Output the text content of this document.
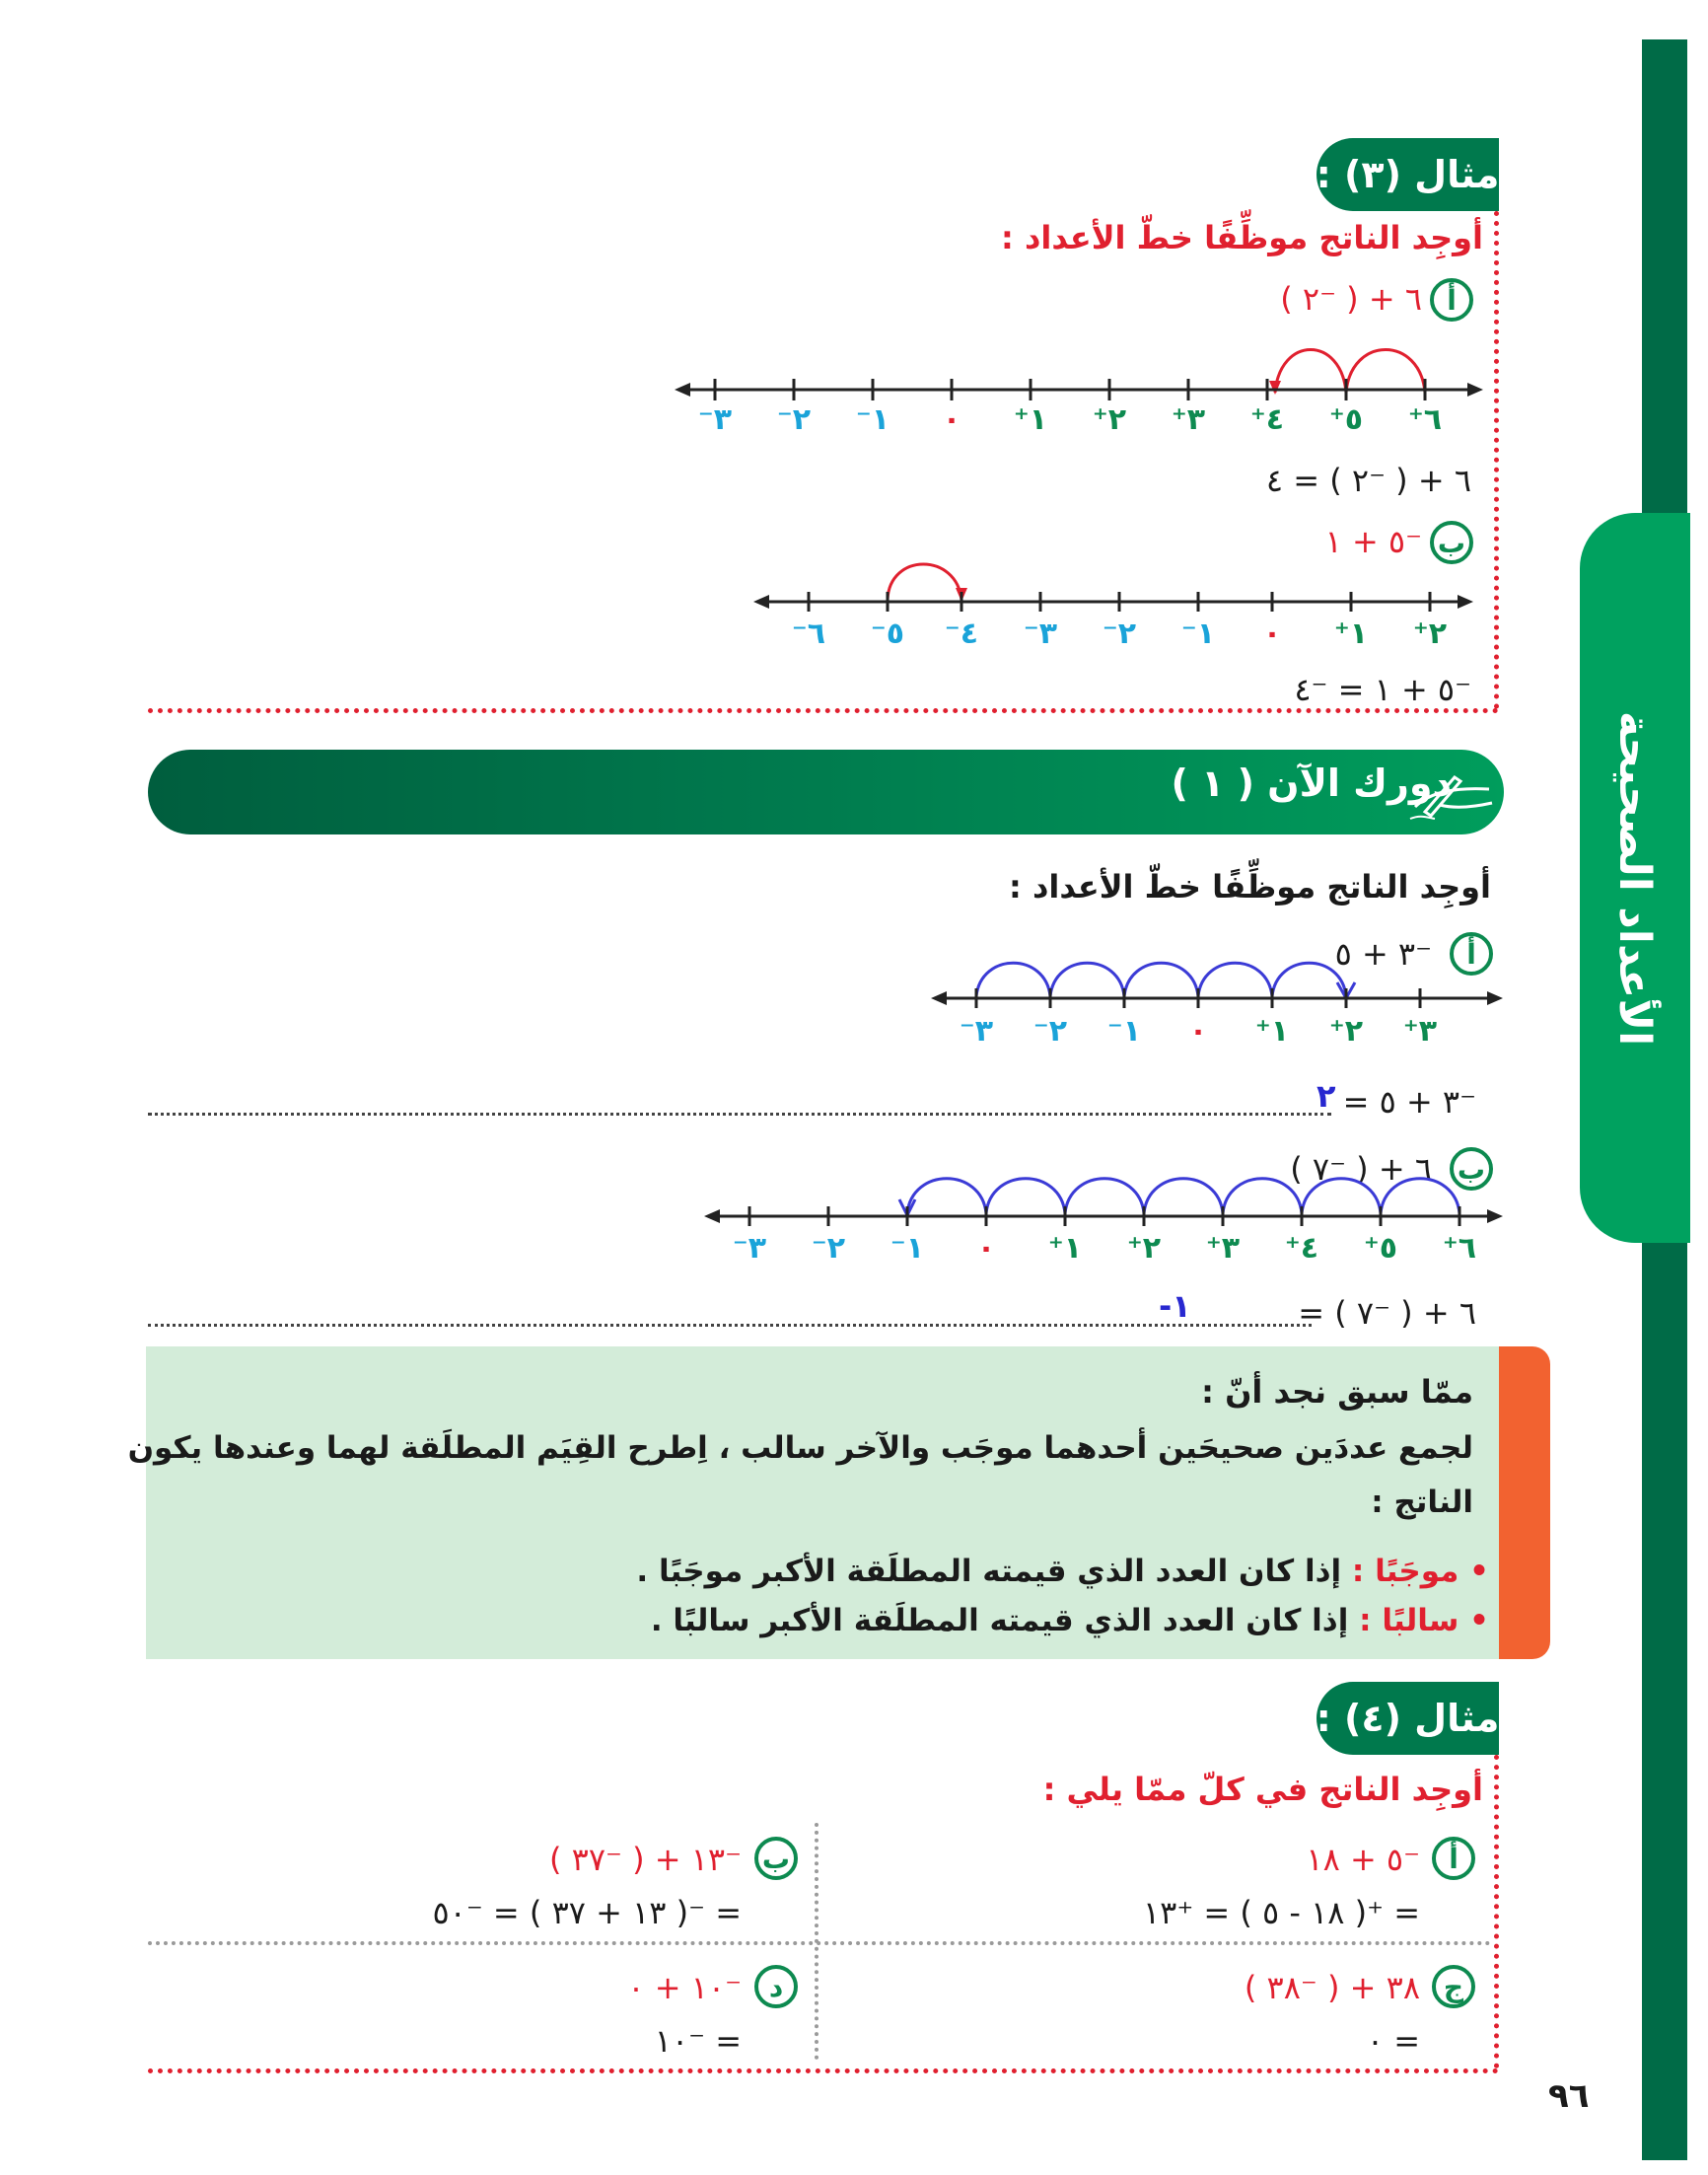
الأعداد الصحيحة
مثال (٣) :
أوجِد الناتج موظِّفًا خطّ الأعداد :
أ
٦ + ( ⁻٢ )
⁻٣	⁻٢	⁻١	٠	⁺١	⁺٢	⁺٣	⁺٤	⁺٥	⁺٦
٦ + ( ⁻٢ ) = ٤
ب
⁻٥ + ١
⁻٦	⁻٥	⁻٤	⁻٣	⁻٢	⁻١	٠	⁺١	⁺٢
⁻٥ + ١ = ⁻٤
دورك الآن ( ١ )
أوجِد الناتج موظِّفًا خطّ الأعداد :
أ
⁻٣ + ٥
⁻٣	⁻٢	⁻١	٠	⁺١	⁺٢	⁺٣
٢ ⁻٣ + ٥ =
ب
٦ + ( ⁻٧ )
⁻٣	⁻٢	⁻١	٠	⁺١	⁺٢	⁺٣	⁺٤	⁺٥	⁺٦
-١	٦ + ( ⁻٧ ) =
ممّا سبق نجد أنّ :
لجمع عددَين صحيحَين أحدهما موجَب والآخر سالب ، اِطرح القِيَم المطلَقة لهما وعندها يكون
الناتج :
• موجَبًا : إذا كان العدد الذي قيمته المطلَقة الأكبر موجَبًا .
• سالبًا : إذا كان العدد الذي قيمته المطلَقة الأكبر سالبًا .
مثال (٤) :
أوجِد الناتج في كلّ ممّا يلي :
أ
⁻٥ + ١٨
= ⁺( ١٨ - ٥ ) = ⁺١٣
ب
⁻١٣ + ( ⁻٣٧ )
= ⁻( ١٣ + ٣٧ ) = ⁻٥٠
ج
٣٨ + ( ⁻٣٨ )
= ٠
د
⁻١٠ + ٠
= ⁻١٠
٩٦
